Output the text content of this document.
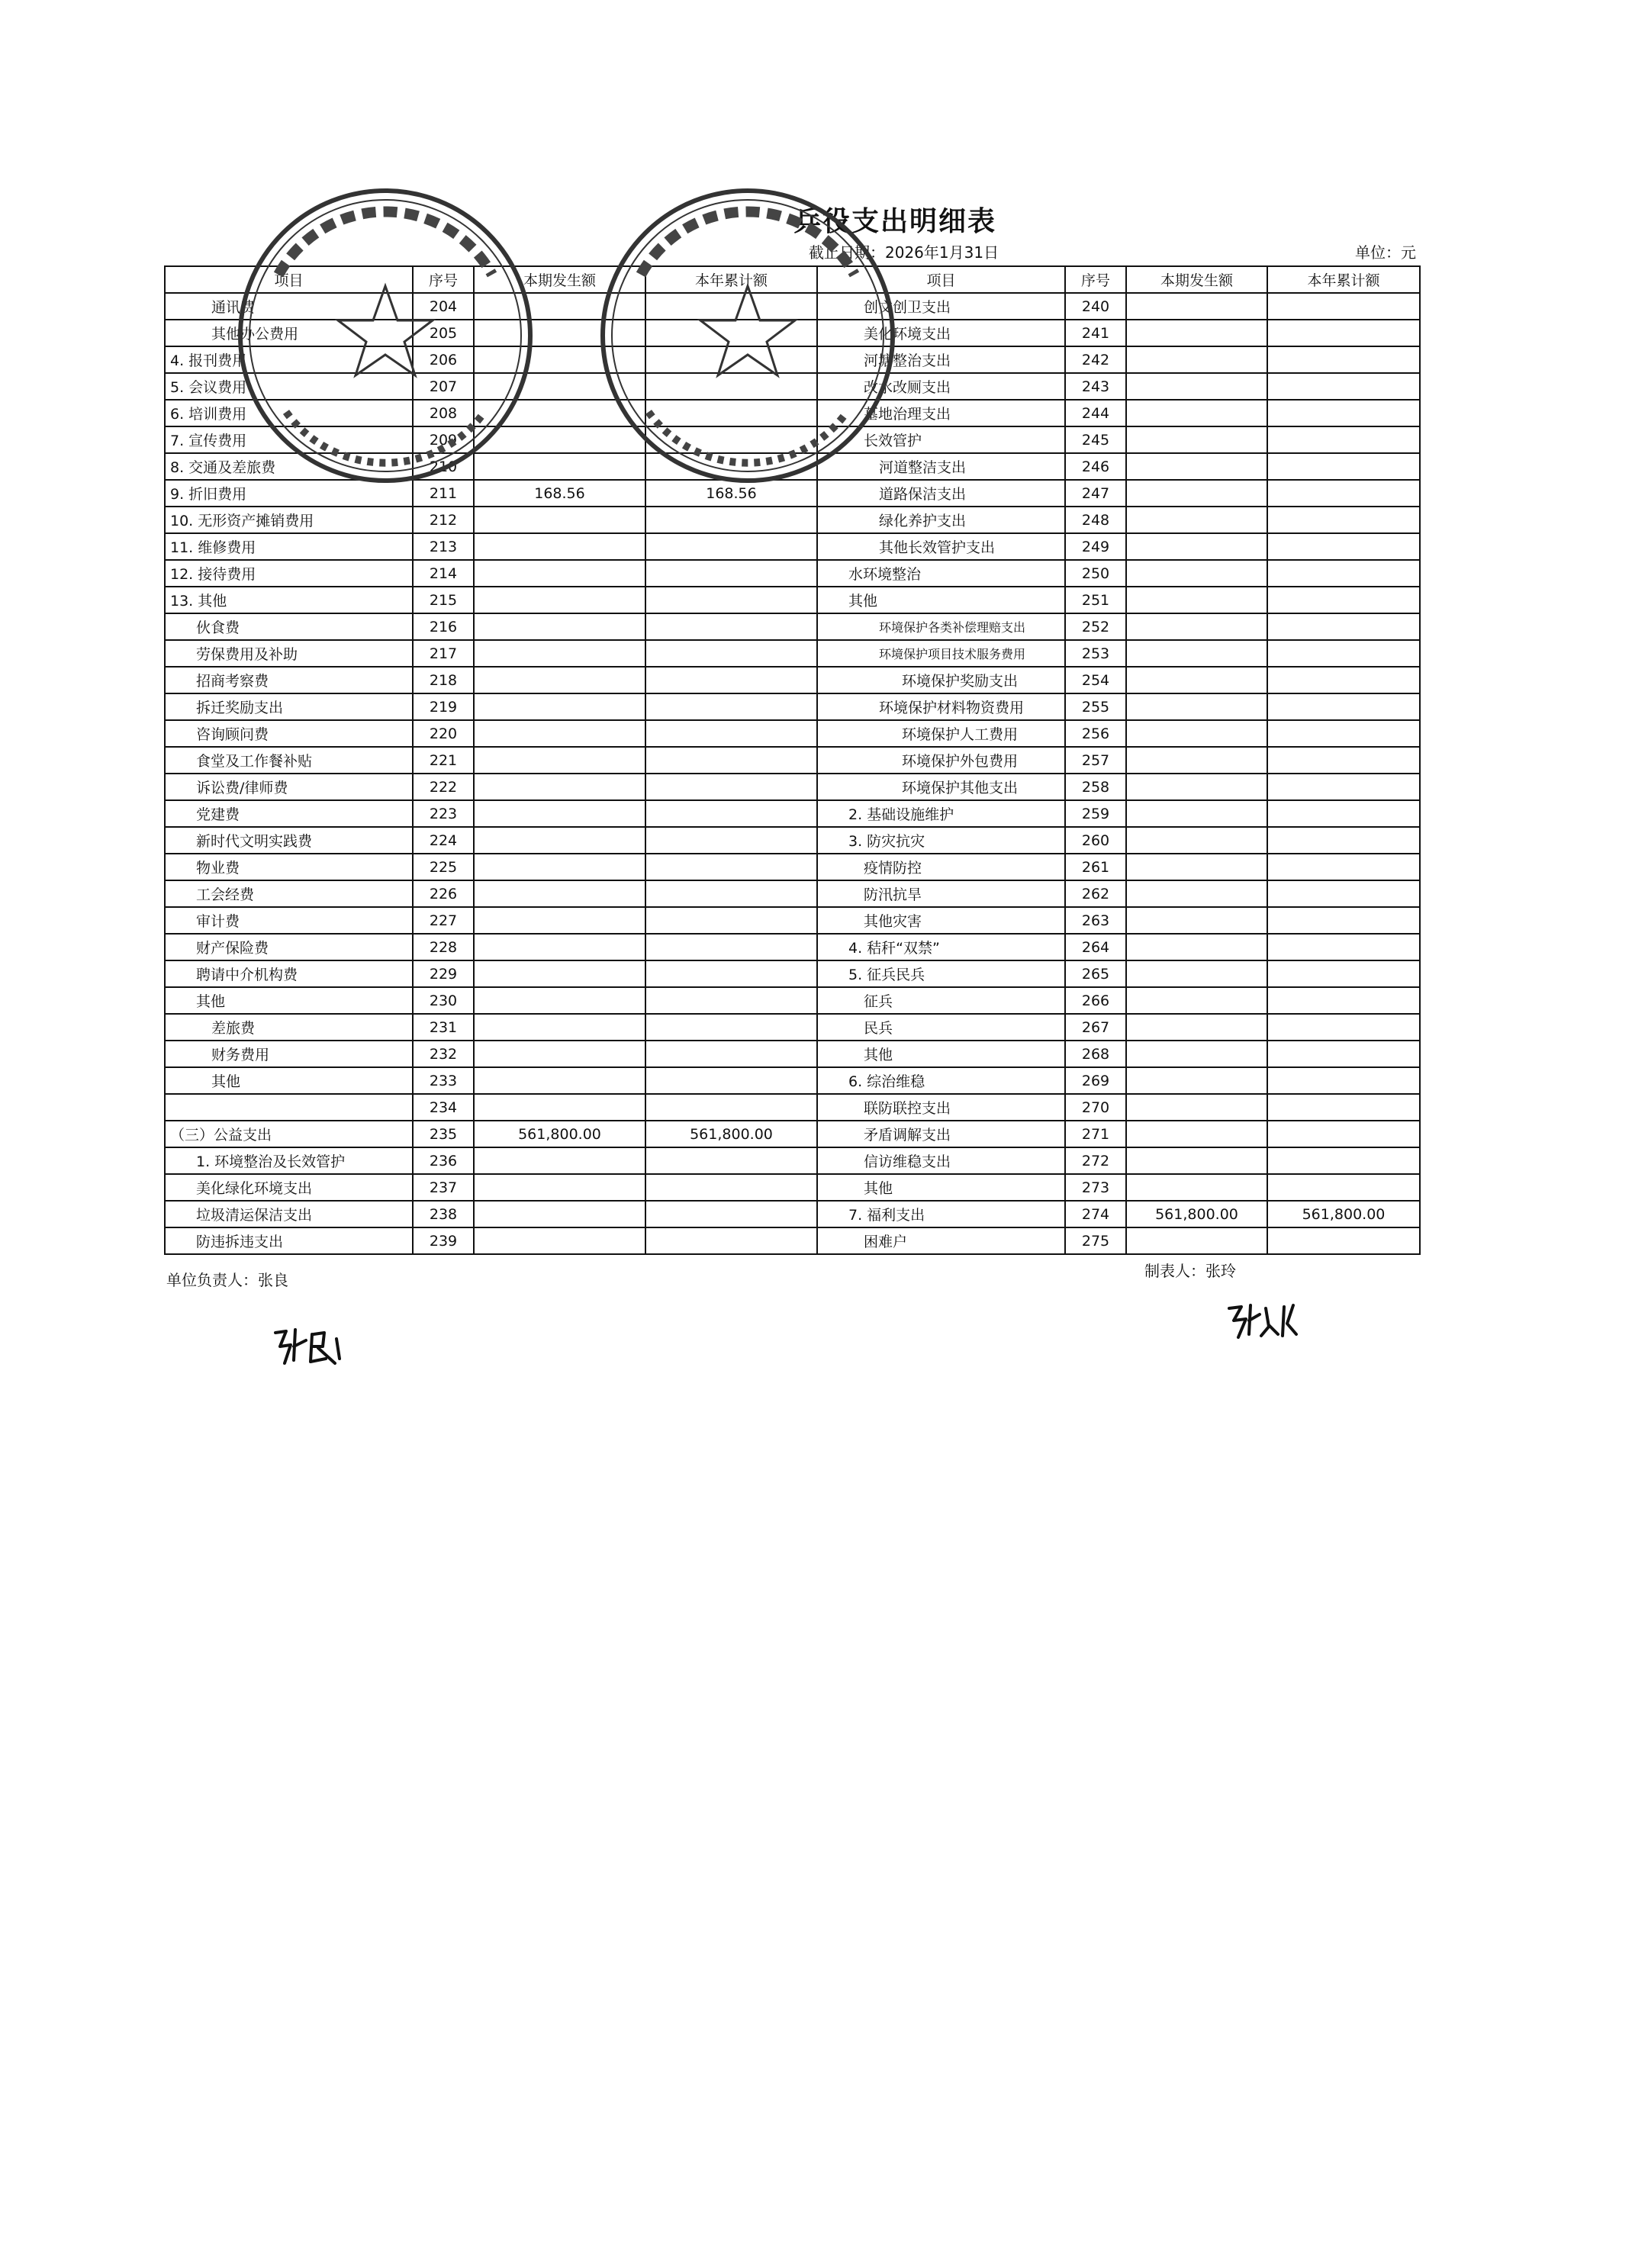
兵役支出明细表
截止日期：2026年1月31日	单位：元
项目	序号	本期发生额	本年累计额	项目	序号	本期发生额	本年累计额
通讯费	204			创文创卫支出	240		
其他办公费用	205			美化环境支出	241		
4. 报刊费用	206			河塘整治支出	242		
5. 会议费用	207			改水改厕支出	243		
6. 培训费用	208			墓地治理支出	244		
7. 宣传费用	209			长效管护	245		
8. 交通及差旅费	210			河道整洁支出	246		
9. 折旧费用	211	168.56	168.56	道路保洁支出	247		
10. 无形资产摊销费用	212			绿化养护支出	248		
11. 维修费用	213			其他长效管护支出	249		
12. 接待费用	214			水环境整治	250		
13. 其他	215			其他	251		
伙食费	216			环境保护各类补偿理赔支出	252		
劳保费用及补助	217			环境保护项目技术服务费用	253		
招商考察费	218			环境保护奖励支出	254		
拆迁奖励支出	219			环境保护材料物资费用	255		
咨询顾问费	220			环境保护人工费用	256		
食堂及工作餐补贴	221			环境保护外包费用	257		
诉讼费/律师费	222			环境保护其他支出	258		
党建费	223			2. 基础设施维护	259		
新时代文明实践费	224			3. 防灾抗灾	260		
物业费	225			疫情防控	261		
工会经费	226			防汛抗旱	262		
审计费	227			其他灾害	263		
财产保险费	228			4. 秸秆“双禁”	264		
聘请中介机构费	229			5. 征兵民兵	265		
其他	230			征兵	266		
差旅费	231			民兵	267		
财务费用	232			其他	268		
其他	233			6. 综治维稳	269		
	234			联防联控支出	270		
（三）公益支出	235	561,800.00	561,800.00	矛盾调解支出	271		
1. 环境整治及长效管护	236			信访维稳支出	272		
美化绿化环境支出	237			其他	273		
垃圾清运保洁支出	238			7. 福利支出	274	561,800.00	561,800.00
防违拆违支出	239			困难户	275		
单位负责人：张良	制表人：张玲
